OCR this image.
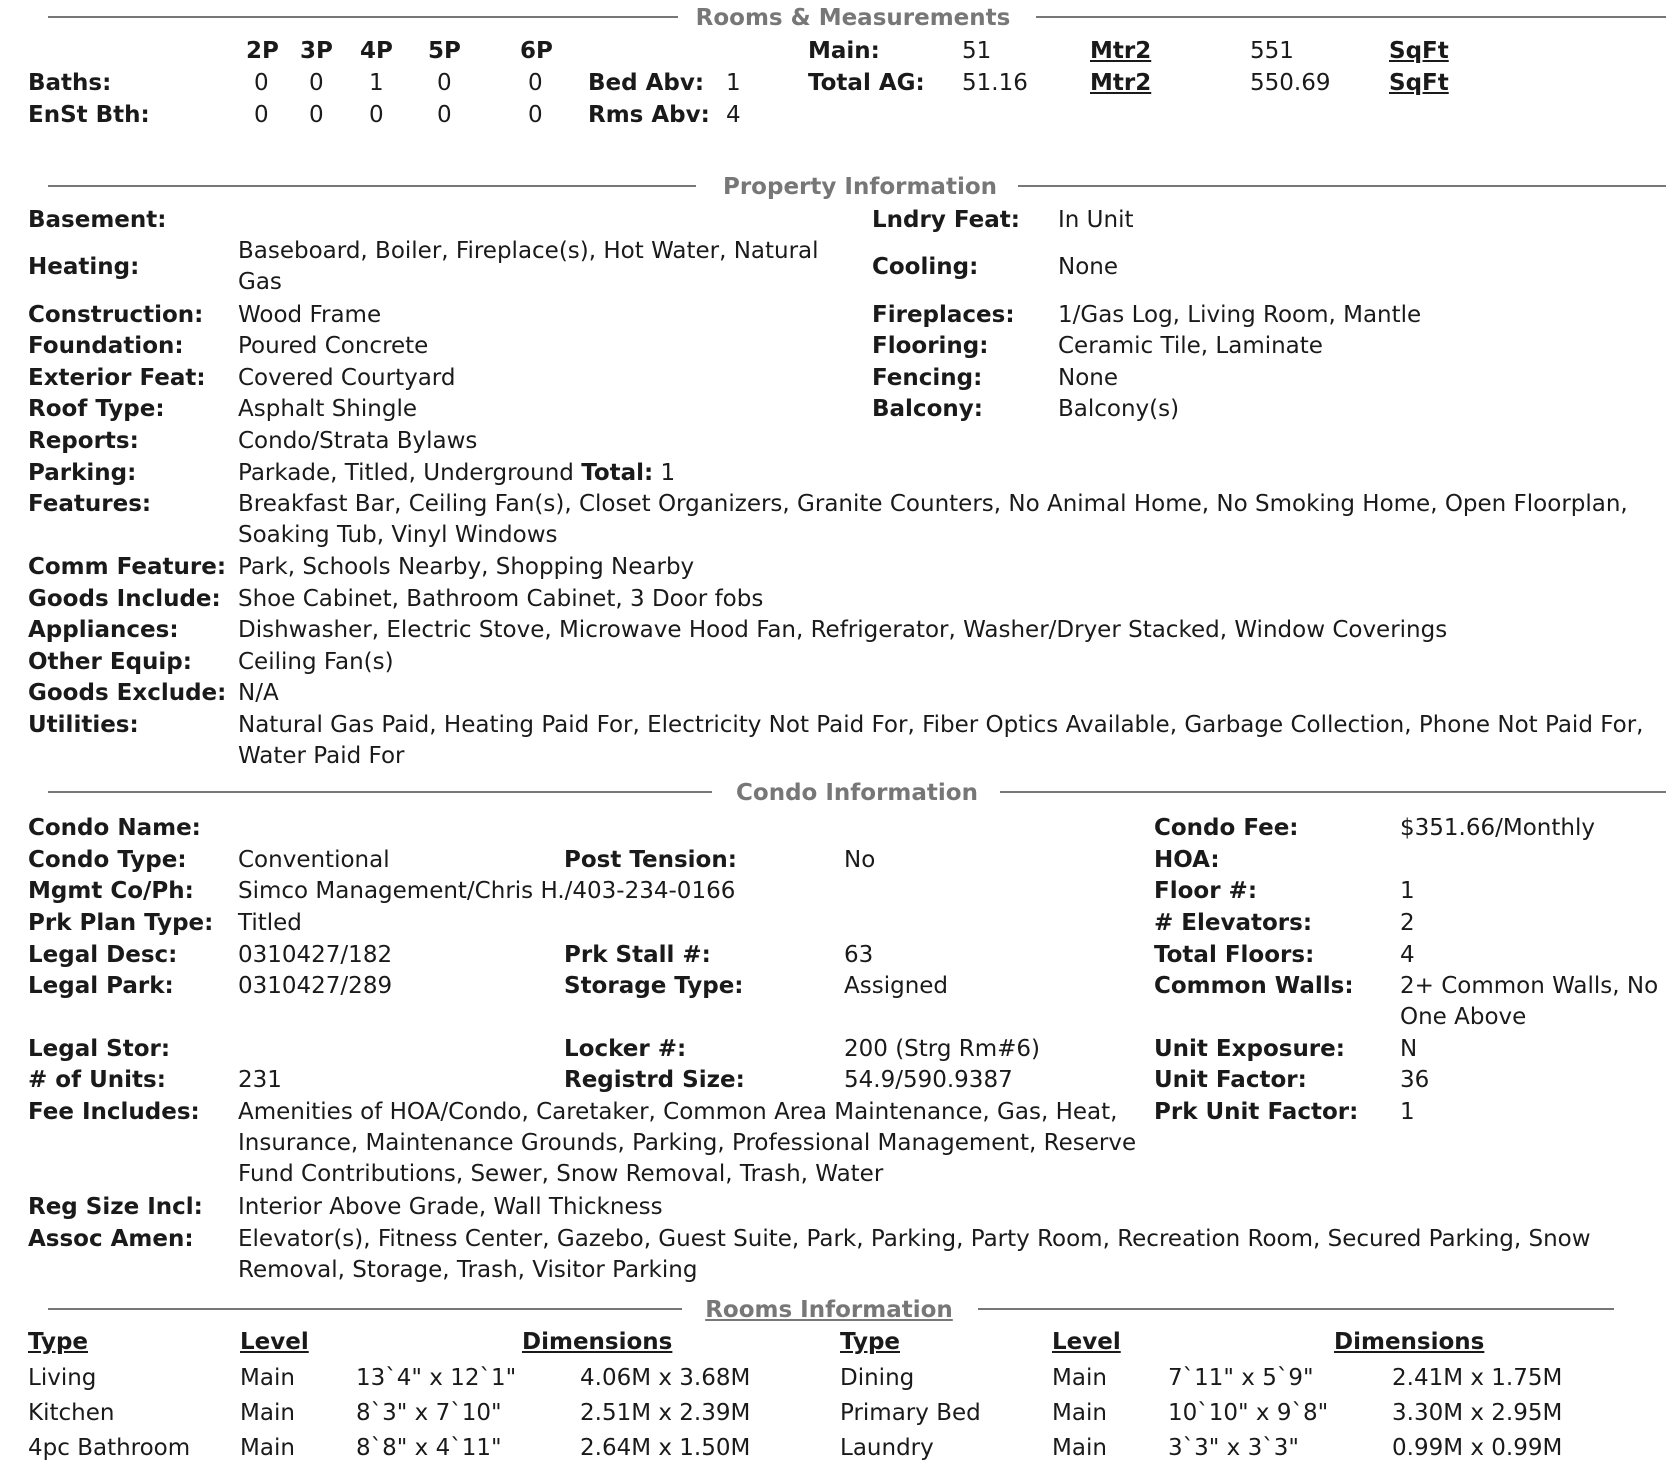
Rooms & Measurements
2P 3P 4P 5P	6P
Baths:	0 0 1 0	0 Bed Abv: 1
EnSt Bth:	0 0 0 0	0 Rms Abv: 4
Main:	51	Mtr2	551	SqFt
Total AG: 51.16	Mtr2	550.69	SqFt
Property Information
Basement:	Lndry Feat: In Unit
Heating:
Baseboard, Boiler, Fireplace(s), Hot Water, Natural Gas
Cooling:	None
Construction: Wood Frame	Fireplaces: 1/Gas Log, Living Room, Mantle
Foundation: Poured Concrete	Flooring:	Ceramic Tile, Laminate
Exterior Feat: Covered Courtyard	Fencing:	None
Roof Type:	Asphalt Shingle	Balcony:	Balcony(s)
Reports:	Condo/Strata Bylaws
Parking:	Parkade, Titled, Underground Total: 1
Features:	Breakfast Bar, Ceiling Fan(s), Closet Organizers, Granite Counters, No Animal Home, No Smoking Home, Open Floorplan, Soaking Tub, Vinyl Windows
Comm Feature: Park, Schools Nearby, Shopping Nearby
Goods Include: Shoe Cabinet, Bathroom Cabinet, 3 Door fobs
Appliances:	Dishwasher, Electric Stove, Microwave Hood Fan, Refrigerator, Washer/Dryer Stacked, Window Coverings
Other Equip: Ceiling Fan(s)
Goods Exclude: N/A
Utilities:	Natural Gas Paid, Heating Paid For, Electricity Not Paid For, Fiber Optics Available, Garbage Collection, Phone Not Paid For, Water Paid For
Condo Information
Condo Name:	Condo Fee:	$351.66/Monthly
Condo Type: Conventional	Post Tension:	No	HOA:
Mgmt Co/Ph: Simco Management/Chris H./403-234-0166	Floor #:	1
Prk Plan Type: Titled	# Elevators:	2
Legal Desc:	0310427/182	Prk Stall #:	63	Total Floors:	4
Legal Park:	0310427/289	Storage Type:	Assigned	Common Walls: 2+ Common Walls, No One Above
Legal Stor:	Locker #:	200 (Strg Rm#6)	Unit Exposure: N
# of Units:	231	Registrd Size:	54.9/590.9387	Unit Factor:	36
Fee Includes: Amenities of HOA/Condo, Caretaker, Common Area Maintenance, Gas, Heat, Insurance, Maintenance Grounds, Parking, Professional Management, Reserve Fund Contributions, Sewer, Snow Removal, Trash, Water
Prk Unit Factor: 1
Reg Size Incl: Interior Above Grade, Wall Thickness
Assoc Amen: Elevator(s), Fitness Center, Gazebo, Guest Suite, Park, Parking, Party Room, Recreation Room, Secured Parking, Snow Removal, Storage, Trash, Visitor Parking
Rooms Information
Type	Level	Dimensions	Type	Level	Dimensions
Living	Main	13`4" x 12`1"	4.06M x 3.68M	Dining	Main	7`11" x 5`9"	2.41M x 1.75M
Kitchen	Main	8`3" x 7`10"	2.51M x 2.39M	Primary Bed	Main	10`10" x 9`8"	3.30M x 2.95M
4pc Bathroom Main	8`8" x 4`11"	2.64M x 1.50M	Laundry	Main	3`3" x 3`3"	0.99M x 0.99M
